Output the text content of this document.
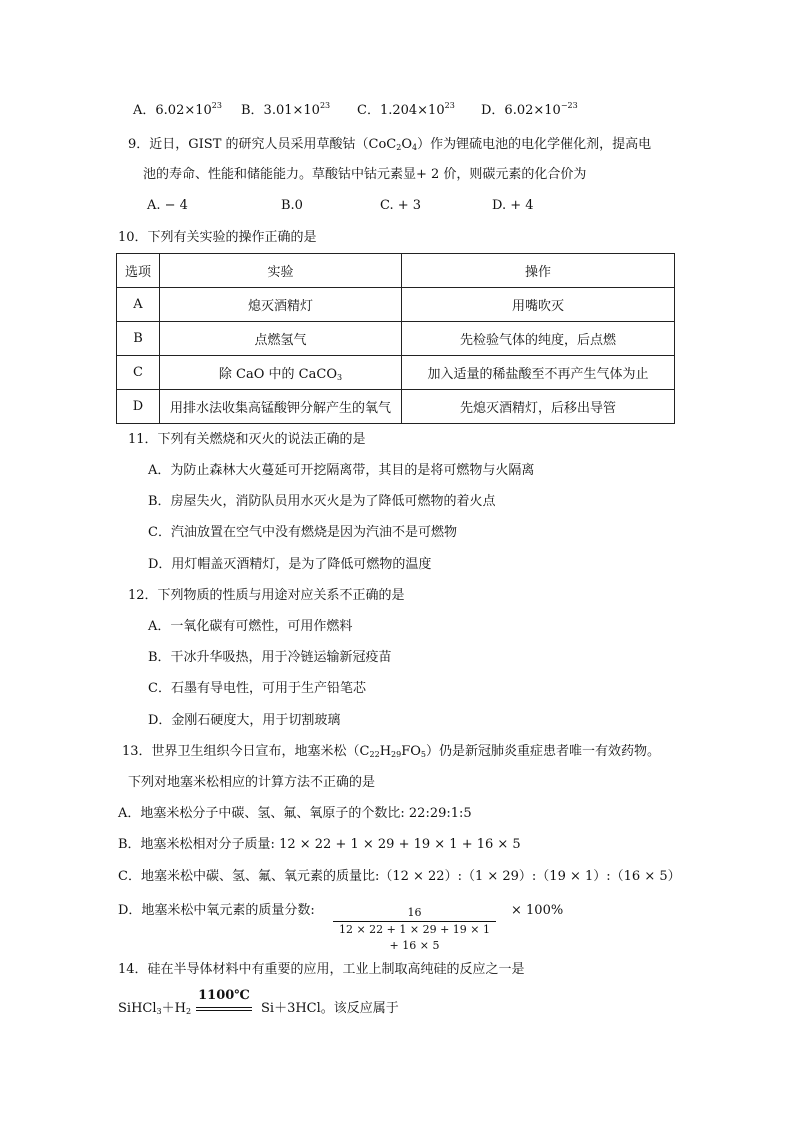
A．$6.02\times 10^{23}$ B．$3.01\times 10^{23}$ C．$1.204\times 10^{23}$ D．$6.02\times 10^{-23}$
9．近日，GIST 的研究人员采用草酸钴$(CoC_2O_4)$作为锂硫电池的电化学催化剂，提高电
池的寿命、性能和储能能力。草酸钴中钴元素显+ 2 价，则碳元素的化合价为
A. − 4	B.0	C. + 3	D. + 4
10．下列有关实验的操作正确的是
选项	实验	操作
A	熄灭酒精灯	用嘴吹灭
B	点燃氢气	先检验气体的纯度，后点燃
C	除 CaO 中的 CaCO$_3$	加入适量的稀盐酸至不再产生气体为止
D	用排水法收集高锰酸钾分解产生的氧气	先熄灭酒精灯，后移出导管
11．下列有关燃烧和灭火的说法正确的是
A．为防止森林大火蔓延可开挖隔离带，其目的是将可燃物与火隔离
B．房屋失火，消防队员用水灭火是为了降低可燃物的着火点
C．汽油放置在空气中没有燃烧是因为汽油不是可燃物
D．用灯帽盖灭酒精灯，是为了降低可燃物的温度
12．下列物质的性质与用途对应关系不正确的是
A．一氧化碳有可燃性，可用作燃料
B．干冰升华吸热，用于冷链运输新冠疫苗
C．石墨有导电性，可用于生产铅笔芯
D．金刚石硬度大，用于切割玻璃
13．世界卫生组织今日宣布，地塞米松$(C_{22}H_{29}FO_5)$仍是新冠肺炎重症患者唯一有效药物。
下列对地塞米松相应的计算方法不正确的是
A．地塞米松分子中碳、氢、氟、氧原子的个数比: 22:29:1:5
B．地塞米松相对分子质量: 12 × 22 + 1 × 29 + 19 × 1 + 16 × 5
C．地塞米松中碳、氢、氟、氧元素的质量比:（12 × 22）:（1 × 29）:（19 × 1）:（16 × 5）
D．地塞米松中氧元素的质量分数:	16
12 × 22 + 1 × 29 + 19 × 1 + 16 × 5
× 100%
14．硅在半导体材料中有重要的应用，工业上制取高纯硅的反应之一是
$SiHCl_3+H_2$
1100℃
Si＋3HCl。该反应属于
